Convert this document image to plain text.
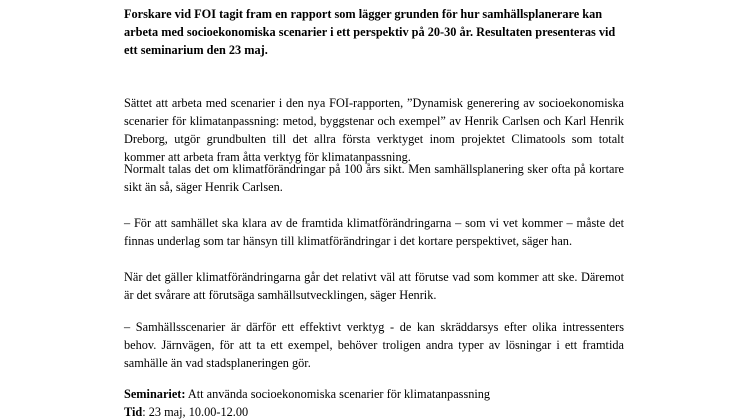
Forskare vid FOI tagit fram en rapport som lägger grunden för hur samhällsplanerare kan arbeta med socioekonomiska scenarier i ett perspektiv på 20-30 år. Resultaten presenteras vid ett seminarium den 23 maj.

Sättet att arbeta med scenarier i den nya FOI-rapporten, ”Dynamisk generering av socioekonomiska scenarier för klimatanpassning: metod, byggstenar och exempel” av Henrik Carlsen och Karl Henrik Dreborg, utgör grundbulten till det allra första verktyget inom projektet Climatools som totalt kommer att arbeta fram åtta verktyg för klimatanpassning.

Normalt talas det om klimatförändringar på 100 års sikt. Men samhällsplanering sker ofta på kortare sikt än så, säger Henrik Carlsen.

– För att samhället ska klara av de framtida klimatförändringarna – som vi vet kommer – måste det finnas underlag som tar hänsyn till klimatförändringar i det kortare perspektivet, säger han.

När det gäller klimatförändringarna går det relativt väl att förutse vad som kommer att ske. Däremot är det svårare att förutsäga samhällsutvecklingen, säger Henrik.

– Samhällsscenarier är därför ett effektivt verktyg - de kan skräddarsys efter olika intressenters behov. Järnvägen, för att ta ett exempel, behöver troligen andra typer av lösningar i ett framtida samhälle än vad stadsplaneringen gör.

Seminariet: Att använda socioekonomiska scenarier för klimatanpassning
Tid: 23 maj, 10.00-12.00
